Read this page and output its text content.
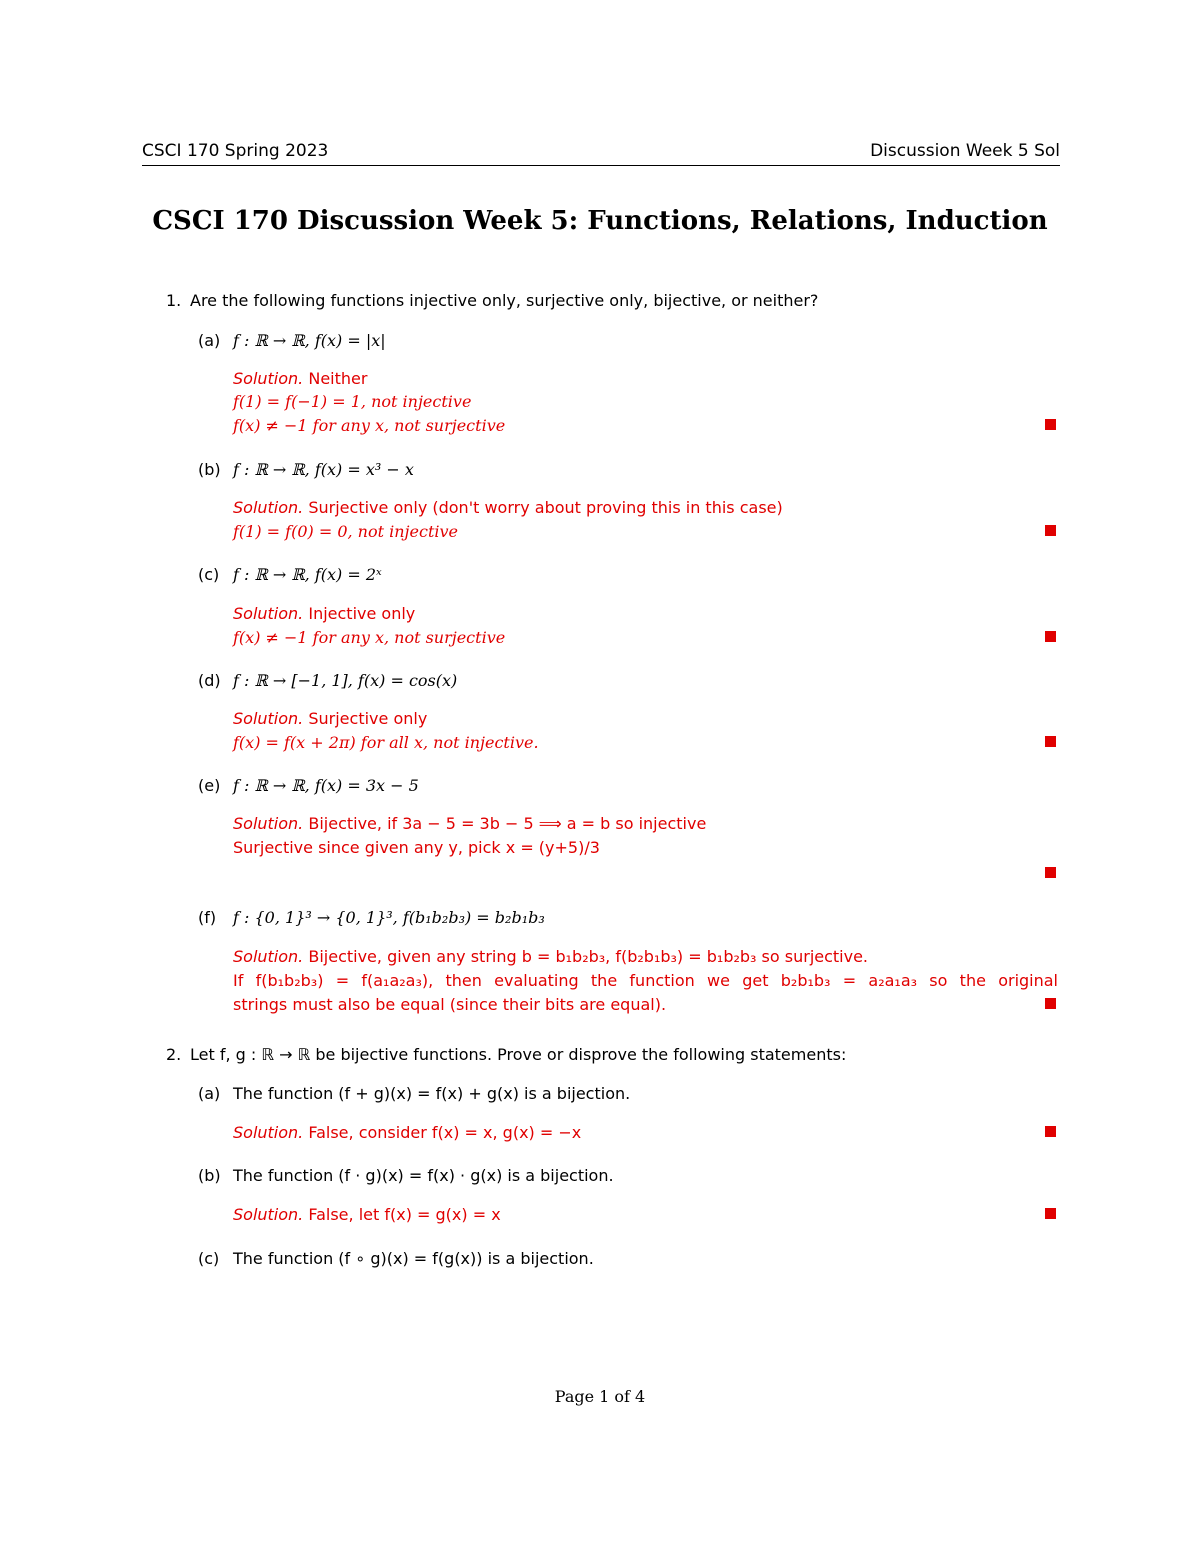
CSCI 170 Spring 2023	Discussion Week 5 Sol
CSCI 170 Discussion Week 5: Functions, Relations, Induction
1. Are the following functions injective only, surjective only, bijective, or neither?
(a) f : ℝ → ℝ, f(x) = |x|
Solution. Neither
f(1) = f(−1) = 1, not injective
f(x) ≠ −1 for any x, not surjective
(b) f : ℝ → ℝ, f(x) = x³ − x
Solution. Surjective only (don't worry about proving this in this case)
f(1) = f(0) = 0, not injective
(c) f : ℝ → ℝ, f(x) = 2ˣ
Solution. Injective only
f(x) ≠ −1 for any x, not surjective
(d) f : ℝ → [−1, 1], f(x) = cos(x)
Solution. Surjective only
f(x) = f(x + 2π) for all x, not injective.
(e) f : ℝ → ℝ, f(x) = 3x − 5
Solution. Bijective, if 3a − 5 = 3b − 5 ⟹ a = b so injective
Surjective since given any y, pick x = (y+5)/3
(f) f : {0, 1}³ → {0, 1}³, f(b₁b₂b₃) = b₂b₁b₃
Solution. Bijective, given any string b = b₁b₂b₃, f(b₂b₁b₃) = b₁b₂b₃ so surjective.
If f(b₁b₂b₃) = f(a₁a₂a₃), then evaluating the function we get b₂b₁b₃ = a₂a₁a₃ so the original
strings must also be equal (since their bits are equal).
2. Let f, g : ℝ → ℝ be bijective functions. Prove or disprove the following statements:
(a) The function (f + g)(x) = f(x) + g(x) is a bijection.
Solution. False, consider f(x) = x, g(x) = −x
(b) The function (f · g)(x) = f(x) · g(x) is a bijection.
Solution. False, let f(x) = g(x) = x
(c) The function (f ∘ g)(x) = f(g(x)) is a bijection.
Page 1 of 4
